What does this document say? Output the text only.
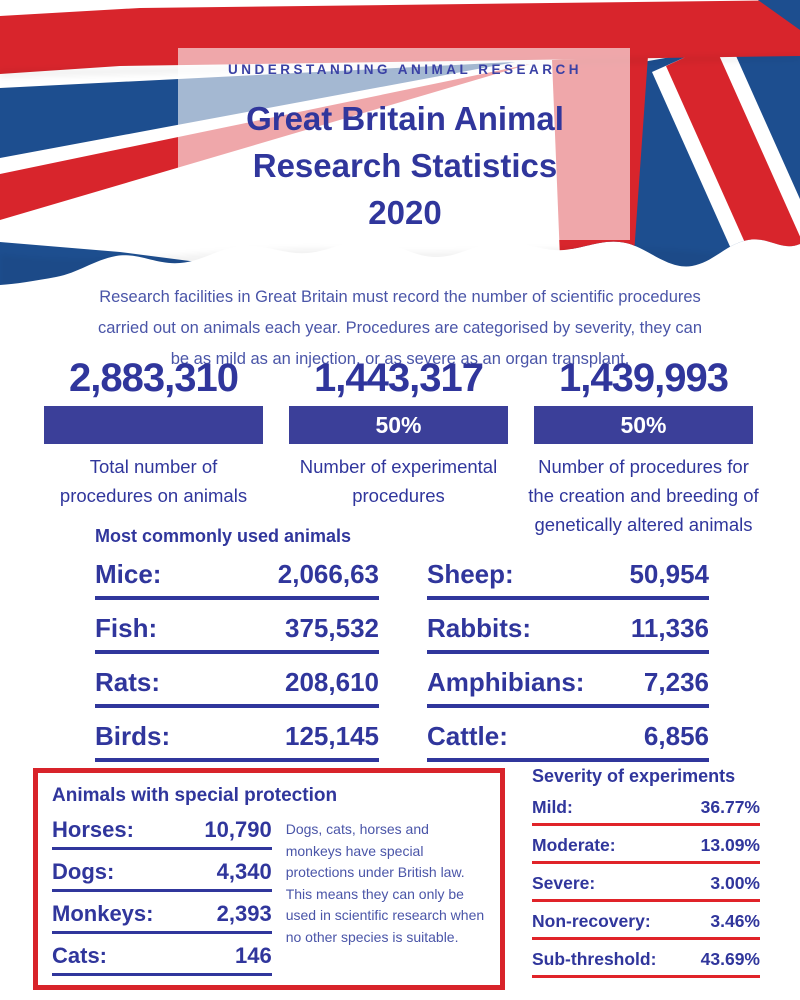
UNDERSTANDING ANIMAL RESEARCH
Great Britain Animal
Research Statistics
2020
Research facilities in Great Britain must record the number of scientific procedures
carried out on animals each year. Procedures are categorised by severity, they can
be as mild as an injection, or as severe as an organ transplant.
2,883,310
Total number of
procedures on animals
1,443,317
50%
Number of experimental
procedures
1,439,993
50%
Number of procedures for
the creation and breeding of
genetically altered animals
Most commonly used animals
Mice:	2,066,63
Fish:	375,532
Rats:	208,610
Birds:	125,145
Sheep:	50,954
Rabbits:	11,336
Amphibians: 7,236
Cattle:	6,856
Animals with special protection
Horses:	10,790
Dogs:	4,340
Monkeys:	2,393
Cats:	146
Dogs, cats, horses and monkeys have special protections under British law. This means they can only be used in scientific research when no other species is suitable.
Severity of experiments
Mild:	36.77%
Moderate:	13.09%
Severe:	3.00%
Non-recovery:	3.46%
Sub-threshold:	43.69%
